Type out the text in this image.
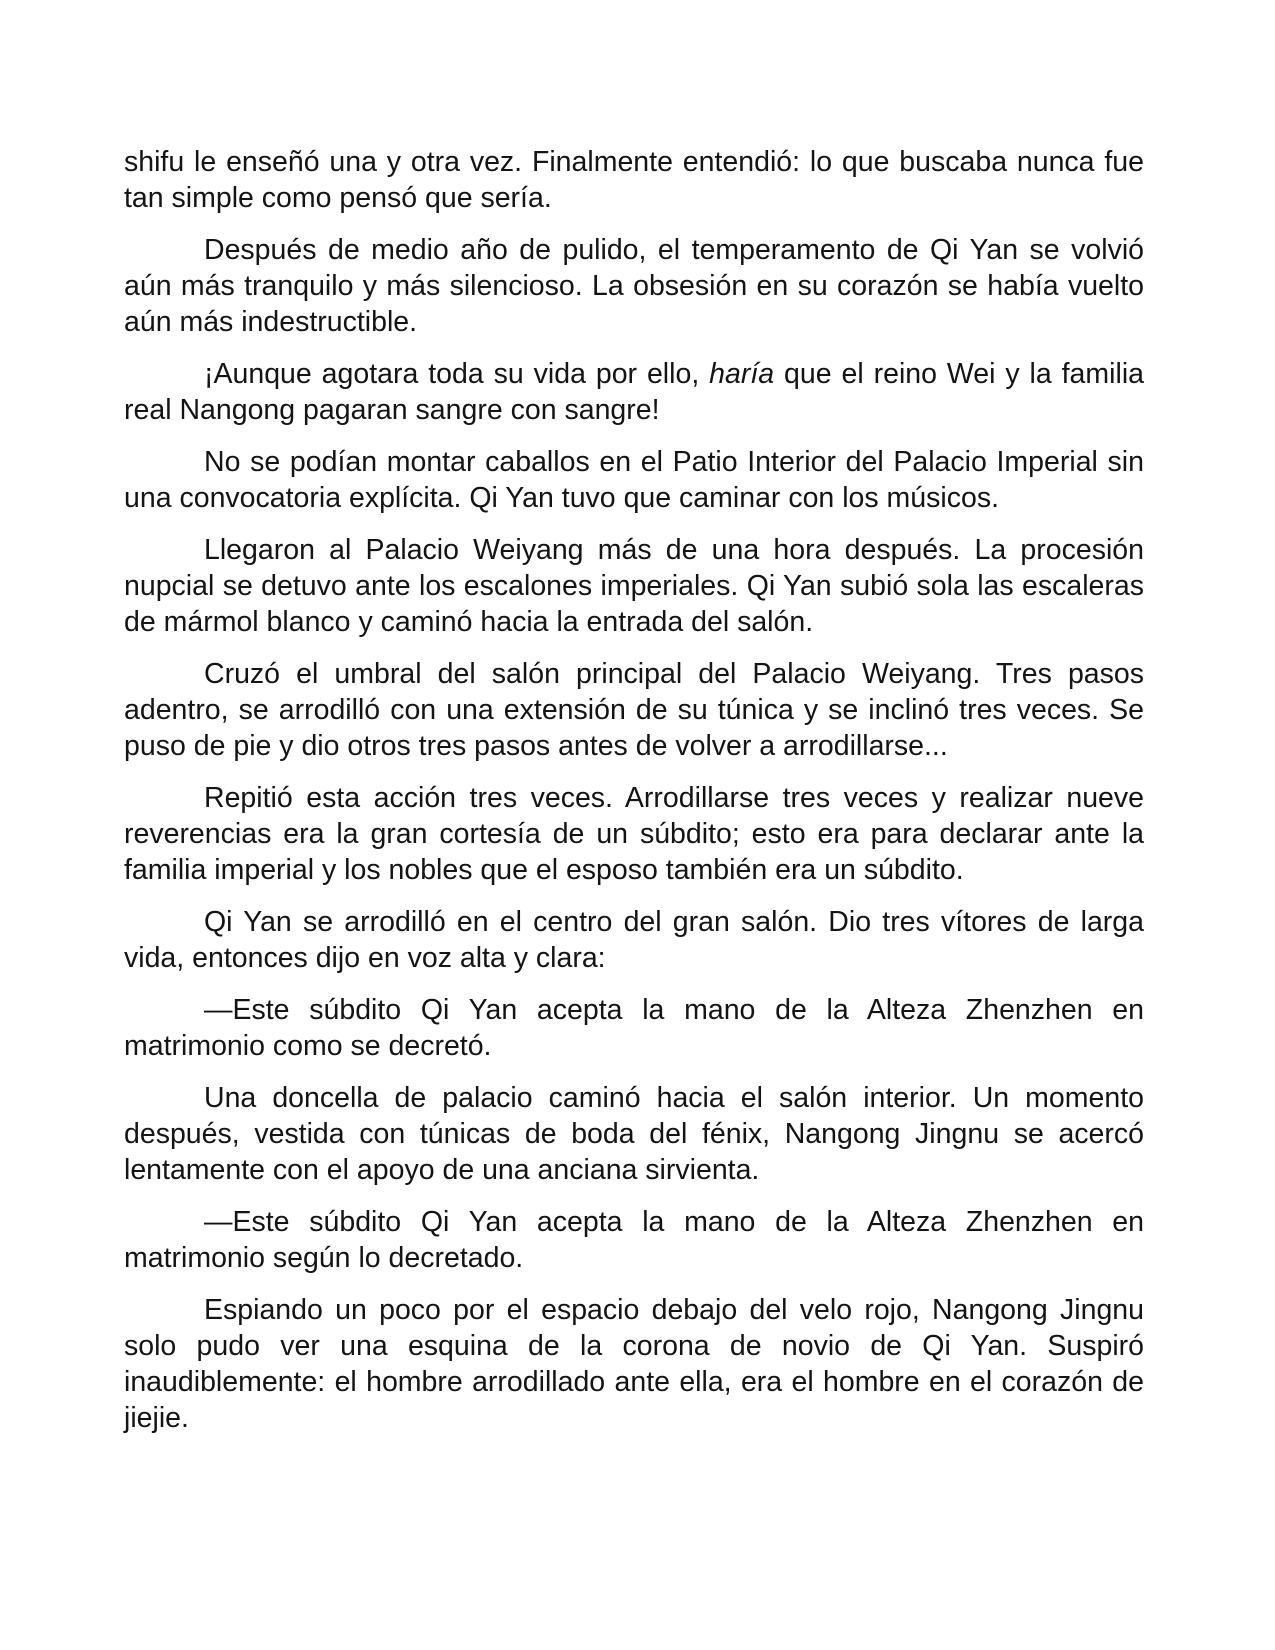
shifu le enseñó una y otra vez. Finalmente entendió: lo que buscaba nunca fue tan simple como pensó que sería.

Después de medio año de pulido, el temperamento de Qi Yan se volvió aún más tranquilo y más silencioso. La obsesión en su corazón se había vuelto aún más indestructible.

¡Aunque agotara toda su vida por ello, haría que el reino Wei y la familia real Nangong pagaran sangre con sangre!

No se podían montar caballos en el Patio Interior del Palacio Imperial sin una convocatoria explícita. Qi Yan tuvo que caminar con los músicos.

Llegaron al Palacio Weiyang más de una hora después. La procesión nupcial se detuvo ante los escalones imperiales. Qi Yan subió sola las escaleras de mármol blanco y caminó hacia la entrada del salón.

Cruzó el umbral del salón principal del Palacio Weiyang. Tres pasos adentro, se arrodilló con una extensión de su túnica y se inclinó tres veces. Se puso de pie y dio otros tres pasos antes de volver a arrodillarse...

Repitió esta acción tres veces. Arrodillarse tres veces y realizar nueve reverencias era la gran cortesía de un súbdito; esto era para declarar ante la familia imperial y los nobles que el esposo también era un súbdito.

Qi Yan se arrodilló en el centro del gran salón. Dio tres vítores de larga vida, entonces dijo en voz alta y clara:

—Este súbdito Qi Yan acepta la mano de la Alteza Zhenzhen en matrimonio como se decretó.

Una doncella de palacio caminó hacia el salón interior. Un momento después, vestida con túnicas de boda del fénix, Nangong Jingnu se acercó lentamente con el apoyo de una anciana sirvienta.

—Este súbdito Qi Yan acepta la mano de la Alteza Zhenzhen en matrimonio según lo decretado.

Espiando un poco por el espacio debajo del velo rojo, Nangong Jingnu solo pudo ver una esquina de la corona de novio de Qi Yan. Suspiró inaudiblemente: el hombre arrodillado ante ella, era el hombre en el corazón de jiejie.
